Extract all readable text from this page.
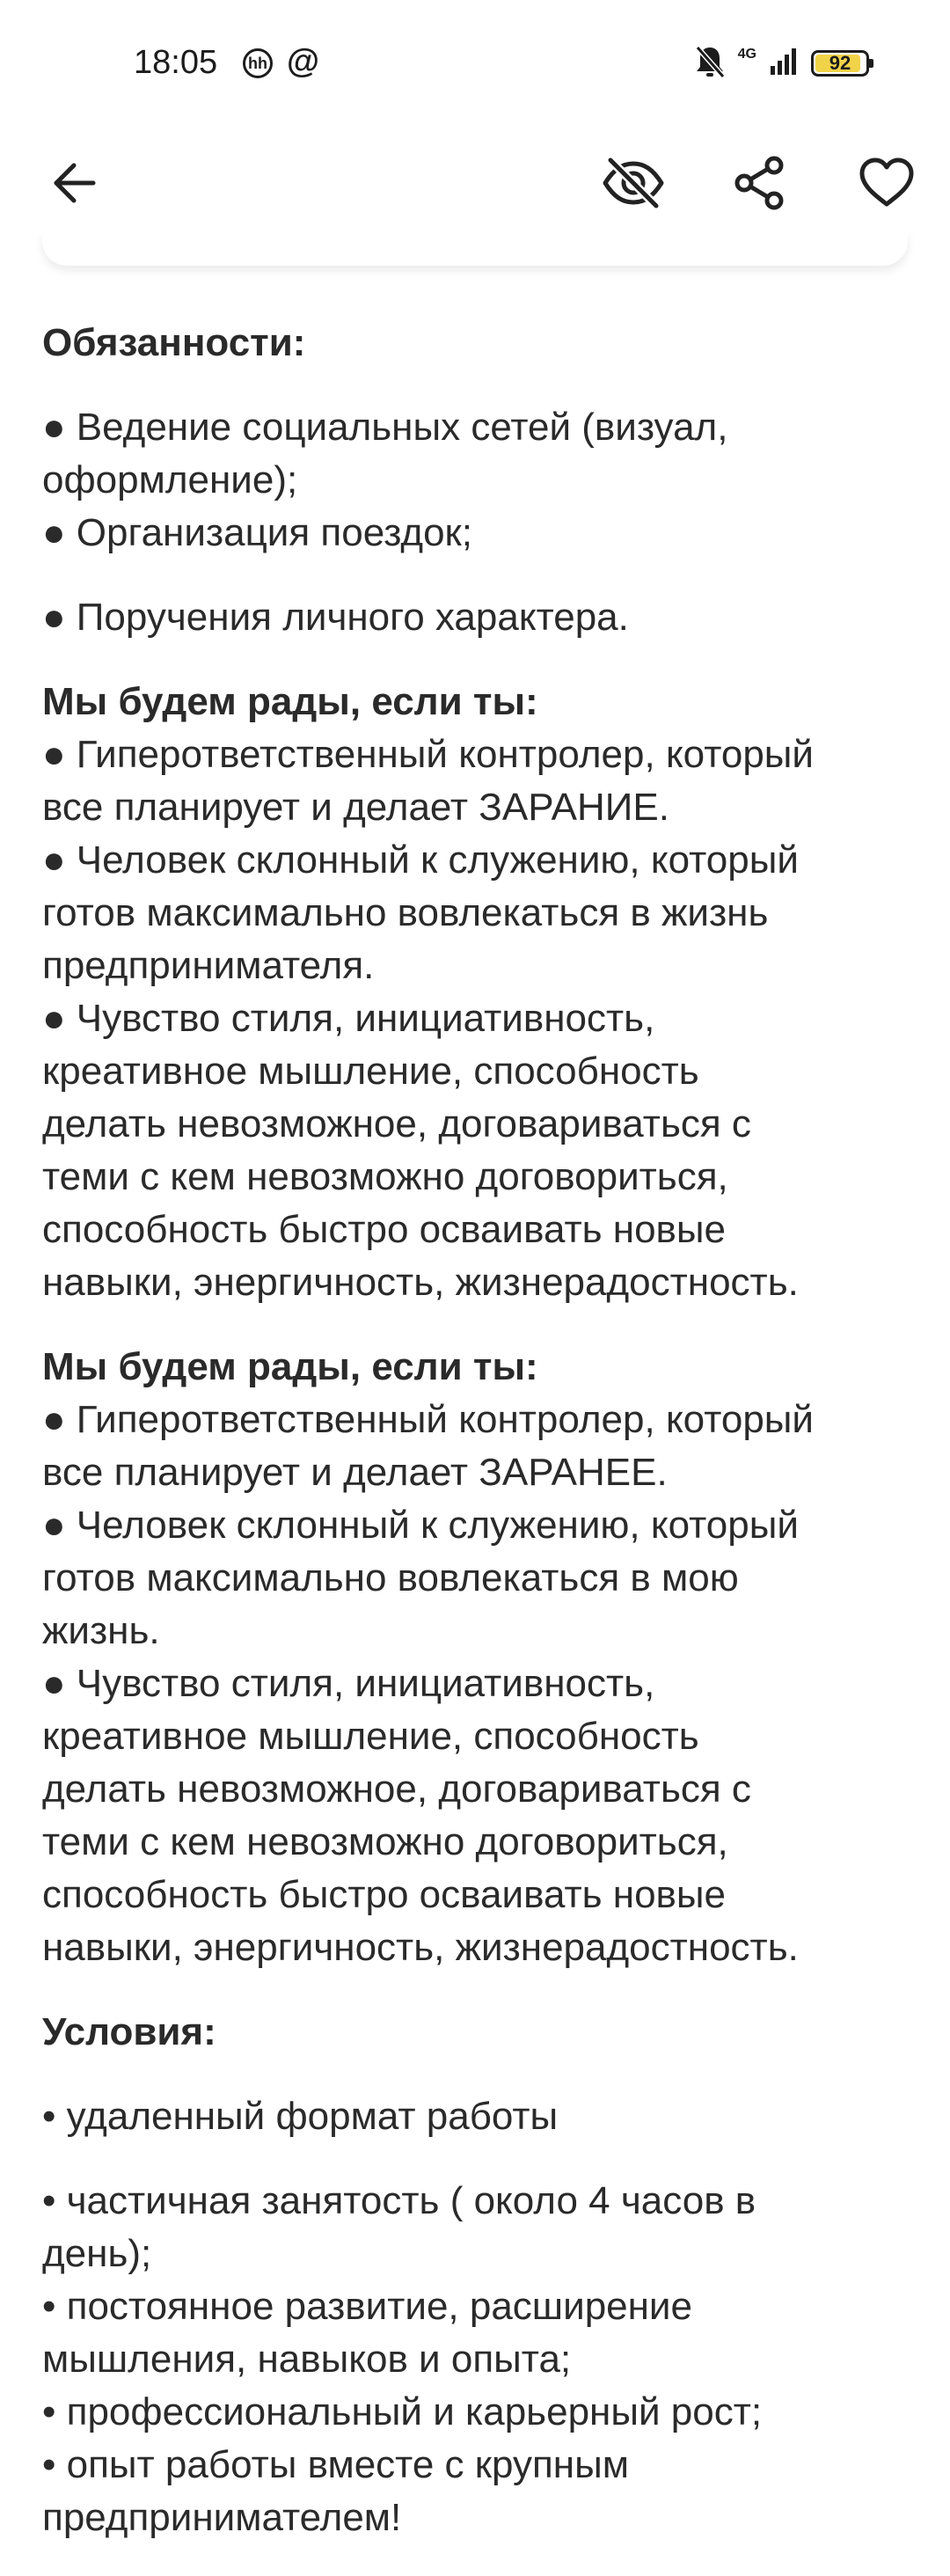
18:05	hh @	4G	92
Обязанности:
● Ведение социальных сетей (визуал,
оформление);
● Организация поездок;
● Поручения личного характера.
Мы будем рады, если ты:
● Гиперответственный контролер, который
все планирует и делает ЗАРАНИЕ.
● Человек склонный к служению, который
готов максимально вовлекаться в жизнь
предпринимателя.
● Чувство стиля, инициативность,
креативное мышление, способность
делать невозможное, договариваться с
теми с кем невозможно договориться,
способность быстро осваивать новые
навыки, энергичность, жизнерадостность.
Мы будем рады, если ты:
● Гиперответственный контролер, который
все планирует и делает ЗАРАНЕЕ.
● Человек склонный к служению, который
готов максимально вовлекаться в мою
жизнь.
● Чувство стиля, инициативность,
креативное мышление, способность
делать невозможное, договариваться с
теми с кем невозможно договориться,
способность быстро осваивать новые
навыки, энергичность, жизнерадостность.
Условия:
• удаленный формат работы
• частичная занятость ( около 4 часов в
день);
• постоянное развитие, расширение
мышления, навыков и опыта;
• профессиональный и карьерный рост;
• опыт работы вместе с крупным
предпринимателем!
